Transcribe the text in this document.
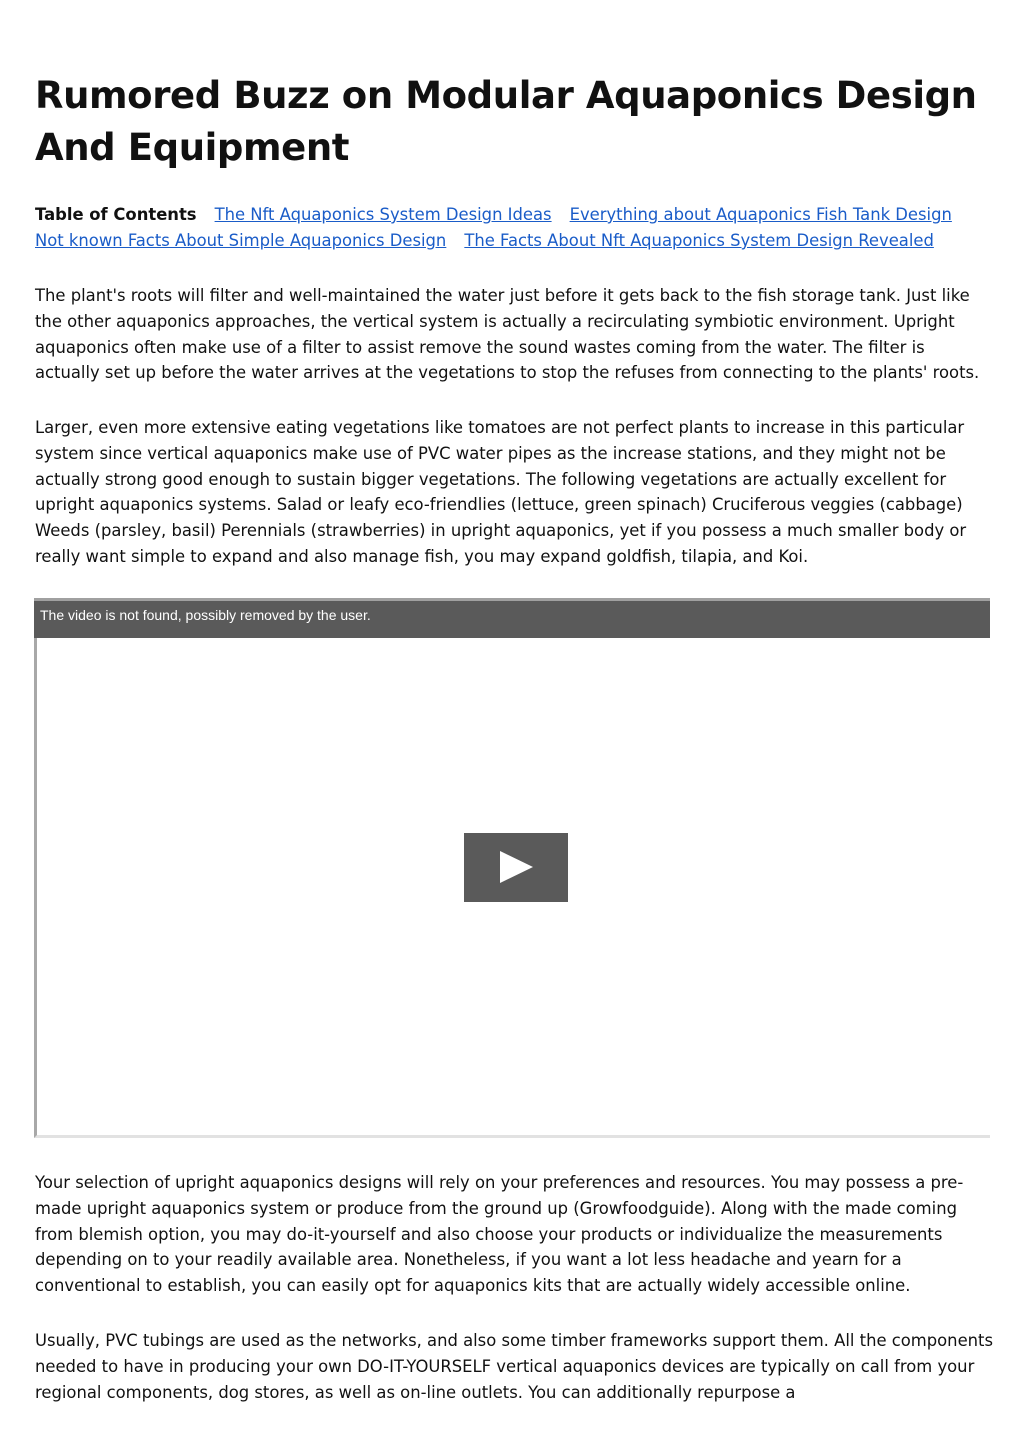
Rumored Buzz on Modular Aquaponics Design And Equipment
Table of Contents The Nft Aquaponics System Design Ideas Everything about Aquaponics Fish Tank Design
Not known Facts About Simple Aquaponics Design The Facts About Nft Aquaponics System Design Revealed

The plant's roots will filter and well-maintained the water just before it gets back to the fish storage tank. Just like the other aquaponics approaches, the vertical system is actually a recirculating symbiotic environment. Upright aquaponics often make use of a filter to assist remove the sound wastes coming from the water. The filter is actually set up before the water arrives at the vegetations to stop the refuses from connecting to the plants' roots.

Larger, even more extensive eating vegetations like tomatoes are not perfect plants to increase in this particular system since vertical aquaponics make use of PVC water pipes as the increase stations, and they might not be actually strong good enough to sustain bigger vegetations. The following vegetations are actually excellent for upright aquaponics systems. Salad or leafy eco-friendlies (lettuce, green spinach) Cruciferous veggies (cabbage) Weeds (parsley, basil) Perennials (strawberries) in upright aquaponics, yet if you possess a much smaller body or really want simple to expand and also manage fish, you may expand goldfish, tilapia, and Koi.

The video is not found, possibly removed by the user.

Your selection of upright aquaponics designs will rely on your preferences and resources. You may possess a pre-made upright aquaponics system or produce from the ground up (Growfoodguide). Along with the made coming from blemish option, you may do-it-yourself and also choose your products or individualize the measurements depending on to your readily available area. Nonetheless, if you want a lot less headache and yearn for a conventional to establish, you can easily opt for aquaponics kits that are actually widely accessible online.

Usually, PVC tubings are used as the networks, and also some timber frameworks support them. All the components needed to have in producing your own DO-IT-YOURSELF vertical aquaponics devices are typically on call from your regional components, dog stores, as well as on-line outlets. You can additionally repurpose a
